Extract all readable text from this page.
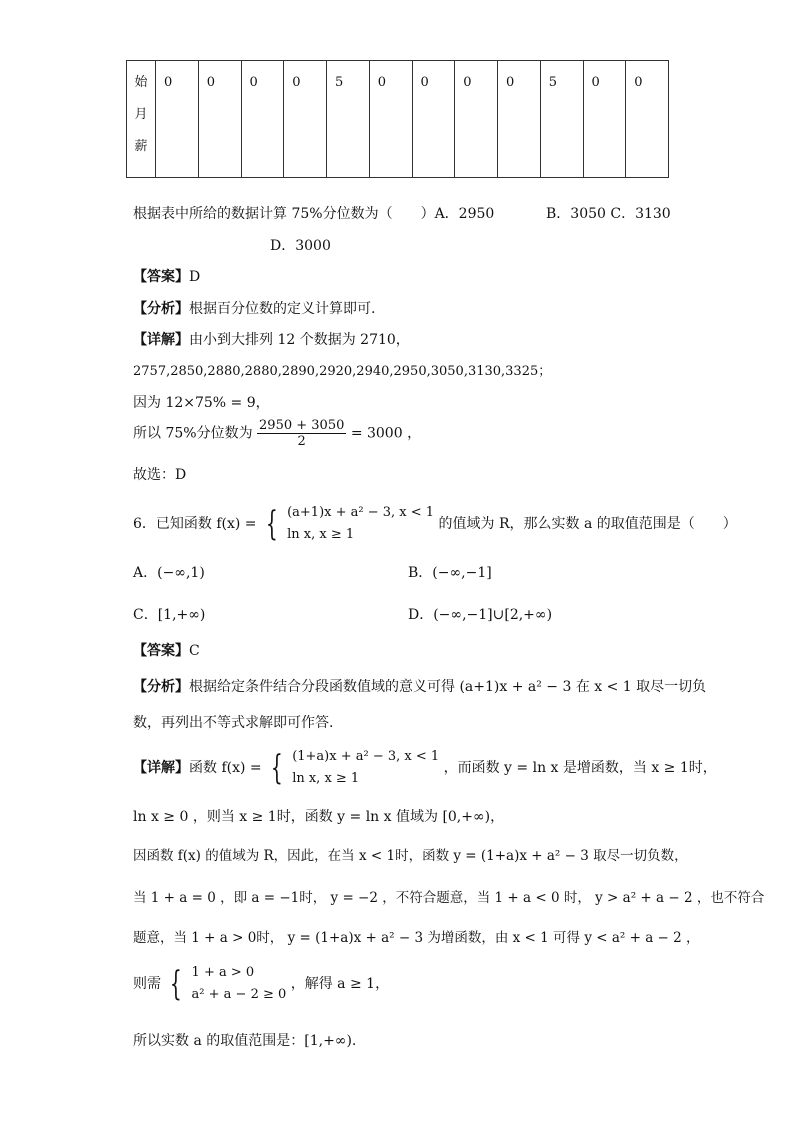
始
月
薪
	0	0	0	0	5	0	0	0	0	5	0	0
根据表中所给的数据计算 75%分位数为（　　）A．2950	B．3050 C．3130
D．3000
【答案】D
【分析】根据百分位数的定义计算即可.
【详解】由小到大排列 12 个数据为 2710，
2757,2850,2880,2880,2890,2920,2940,2950,3050,3130,3325；
因为 12×75% = 9，
所以 75%分位数为 $\frac{2950 + 3050}{2} = 3000$ ，
故选：D
6．已知函数 f(x) = { (a+1)x + a² − 3, x < 1
ln x, x ≥ 1
的值域为 R，那么实数 a 的取值范围是（　　）
A．(−∞,1)	B．(−∞,−1]
C．[1,+∞)	D．(−∞,−1]∪[2,+∞)
【答案】C
【分析】根据给定条件结合分段函数值域的意义可得 (a+1)x + a² − 3 在 x < 1 取尽一切负
数，再列出不等式求解即可作答.
【详解】函数 f(x) = { (1+a)x + a² − 3, x < 1
ln x, x ≥ 1
，而函数 y = ln x 是增函数，当 x ≥ 1时，
ln x ≥ 0 ，则当 x ≥ 1时，函数 y = ln x 值域为 [0,+∞)，
因函数 f(x) 的值域为 R，因此，在当 x < 1时，函数 y = (1+a)x + a² − 3 取尽一切负数，
当 1 + a = 0 ，即 a = −1时， y = −2 ，不符合题意，当 1 + a < 0 时， y > a² + a − 2 ，也不符合
题意，当 1 + a > 0时， y = (1+a)x + a² − 3 为增函数，由 x < 1 可得 y < a² + a − 2 ，
则需 { 1 + a > 0
a² + a − 2 ≥ 0
，解得 a ≥ 1，
所以实数 a 的取值范围是：[1,+∞).
